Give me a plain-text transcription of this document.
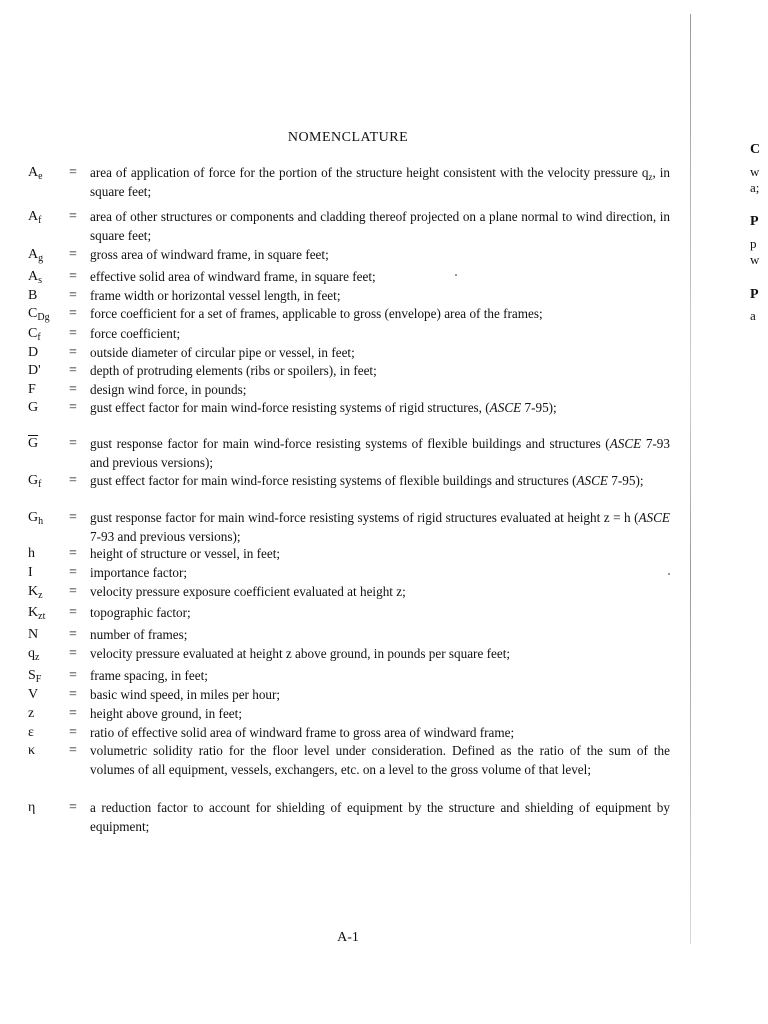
NOMENCLATURE
$A_e$	= area of application of force for the portion of the structure height consistent with the velocity pressure $q_z$, in square feet;
$A_f$	= area of other structures or components and cladding thereof projected on a plane normal to wind direction, in square feet;
$A_g$	= gross area of windward frame, in square feet;
$A_s$	= effective solid area of windward frame, in square feet;
B	= frame width or horizontal vessel length, in feet;
$C_{Dg}$	= force coefficient for a set of frames, applicable to gross (envelope) area of the frames;
$C_f$	= force coefficient;
D	= outside diameter of circular pipe or vessel, in feet;
D'	= depth of protruding elements (ribs or spoilers), in feet;
F	= design wind force, in pounds;
G	= gust effect factor for main wind-force resisting systems of rigid structures, (ASCE 7-95);
$\overline{G}$	= gust response factor for main wind-force resisting systems of flexible buildings and structures (ASCE 7-93 and previous versions);
$G_f$	= gust effect factor for main wind-force resisting systems of flexible buildings and structures (ASCE 7-95);
$G_h$	= gust response factor for main wind-force resisting systems of rigid structures evaluated at height z = h (ASCE 7-93 and previous versions);
h	= height of structure or vessel, in feet;
I	= importance factor;
$K_z$	= velocity pressure exposure coefficient evaluated at height z;
$K_{zt}$	= topographic factor;
N	= number of frames;
$q_z$	= velocity pressure evaluated at height z above ground, in pounds per square feet;
$S_F$	= frame spacing, in feet;
V	= basic wind speed, in miles per hour;
z	= height above ground, in feet;
ε	= ratio of effective solid area of windward frame to gross area of windward frame;
κ	= volumetric solidity ratio for the floor level under consideration. Defined as the ratio of the sum of the volumes of all equipment, vessels, exchangers, etc. on a level to the gross volume of that level;
η	= a reduction factor to account for shielding of equipment by the structure and shielding of equipment by equipment;
A-1
C
w
a;
P
p
w
P
a
